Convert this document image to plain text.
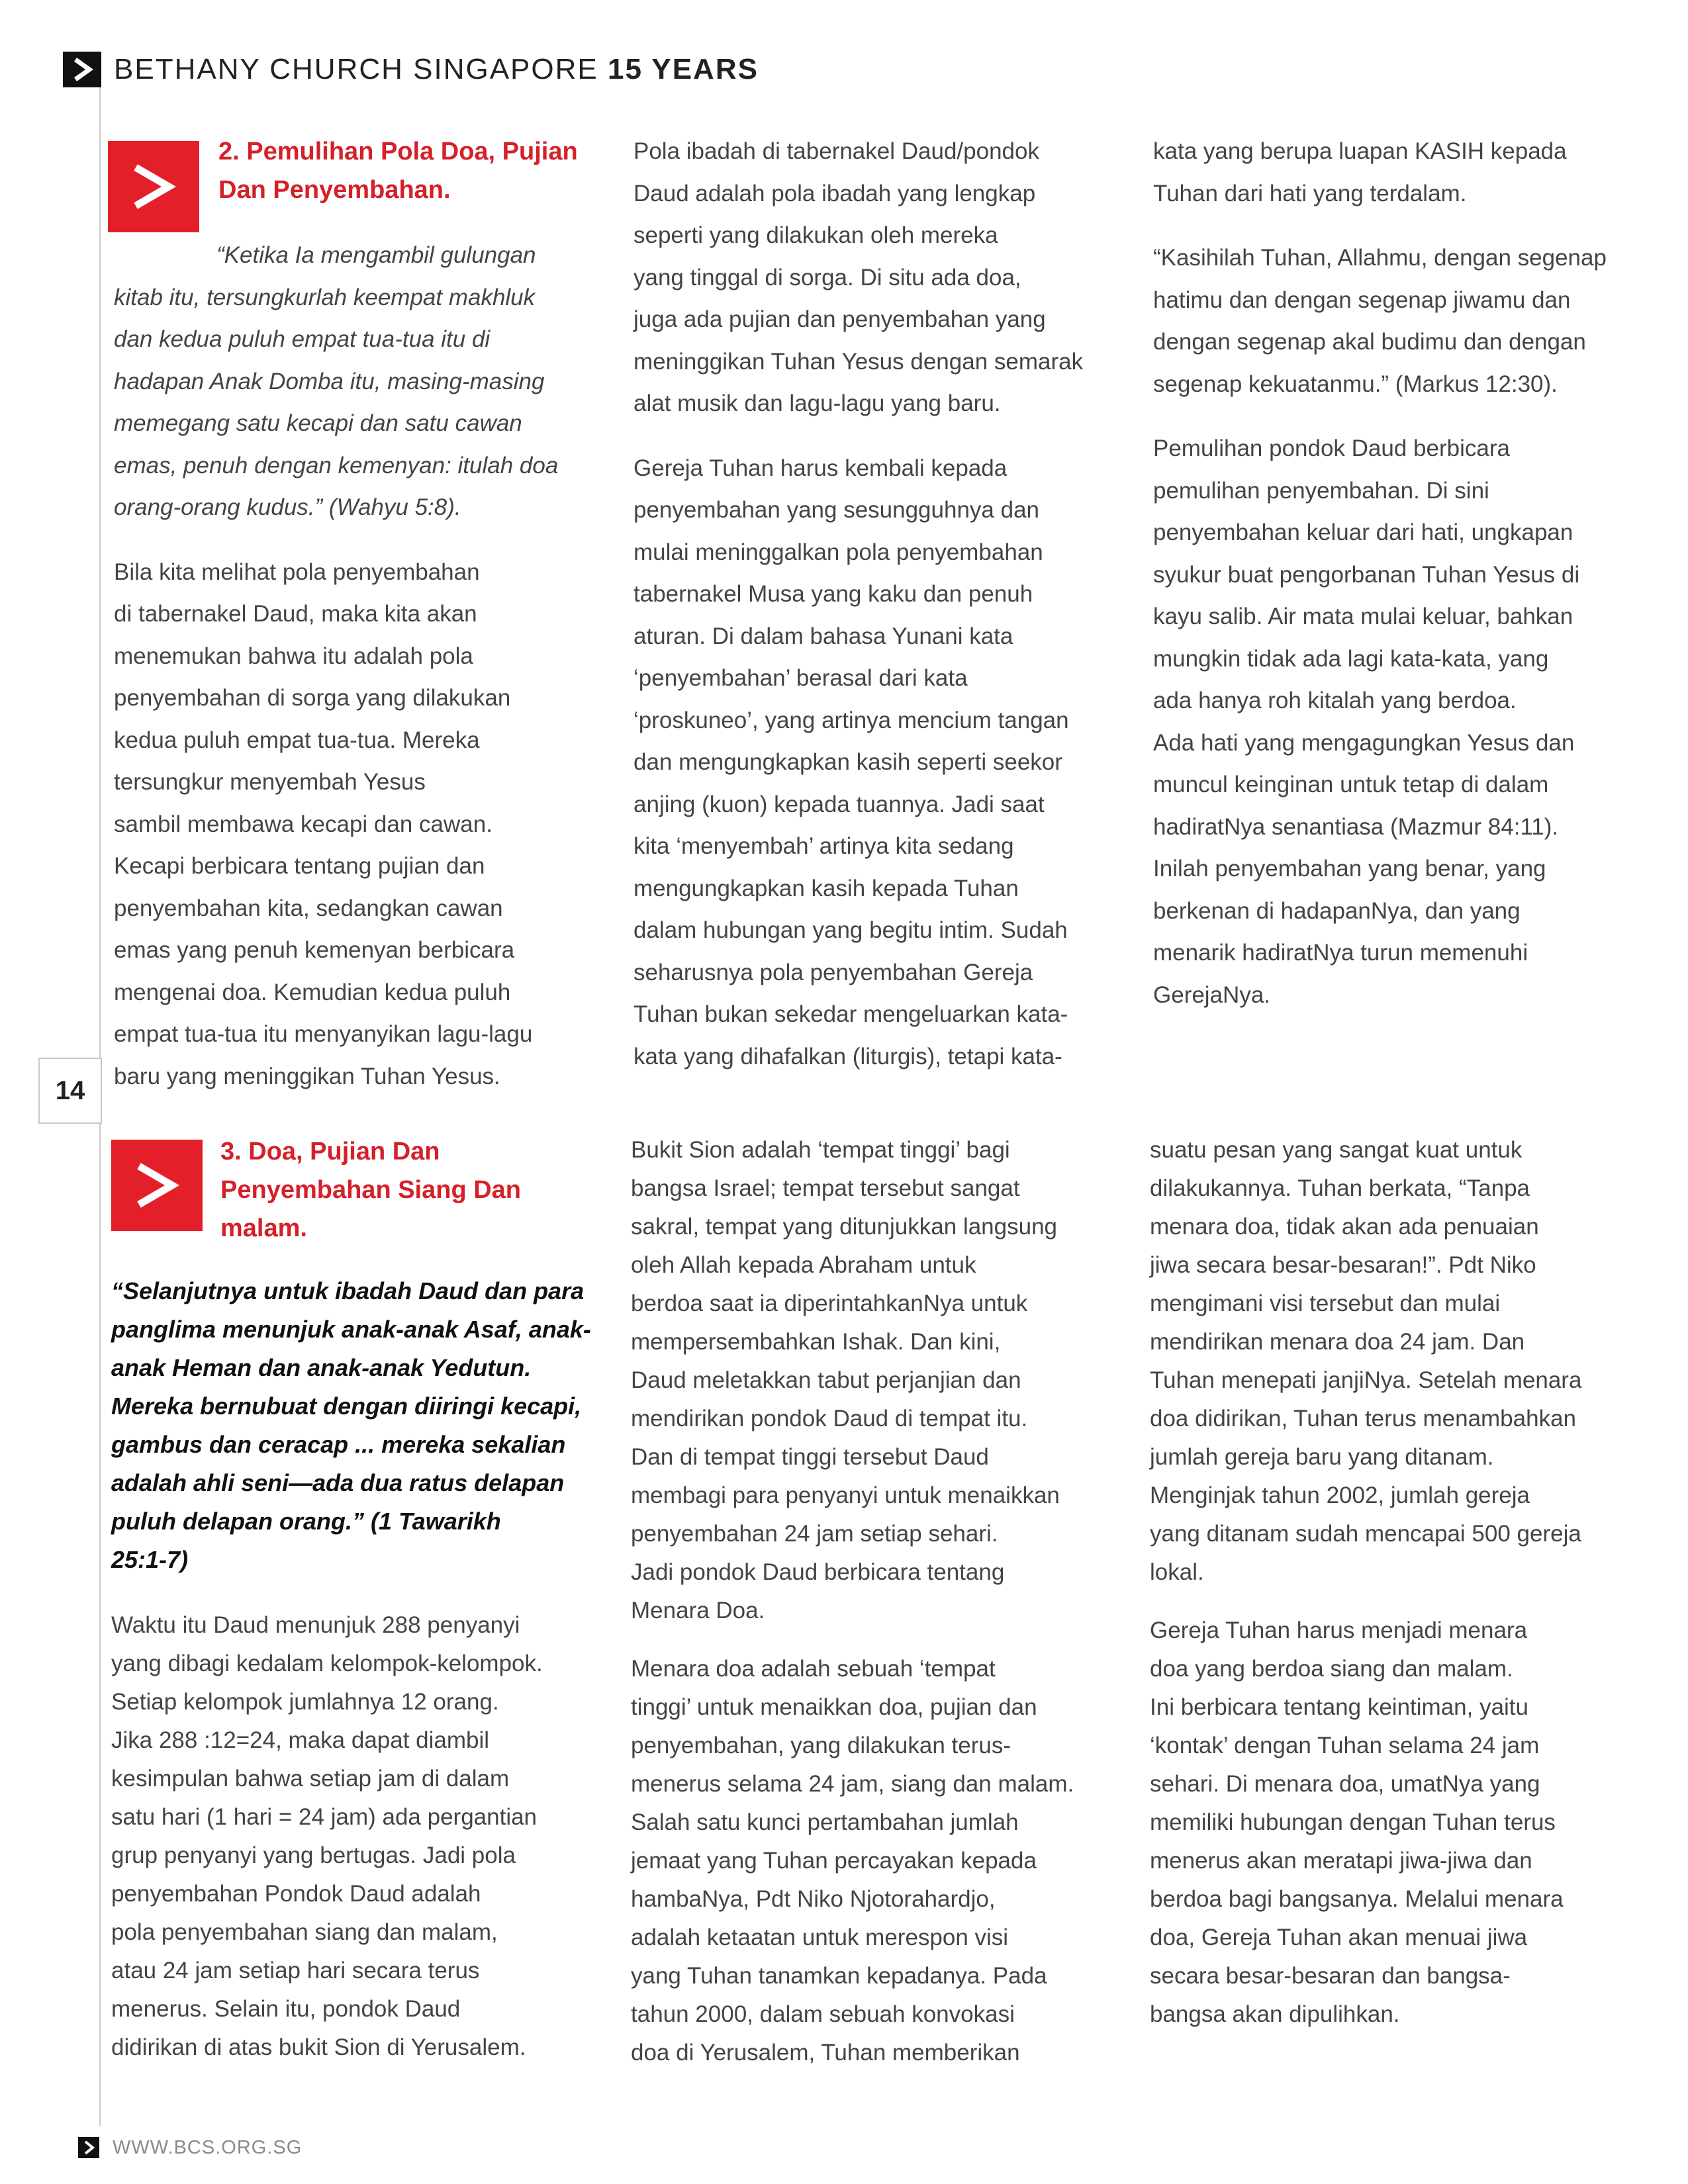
BETHANY CHURCH SINGAPORE 15 YEARS
14
2. Pemulihan Pola Doa, Pujian
Dan Penyembahan.

“Ketika Ia mengambil gulungan

kitab itu, tersungkurlah keempat makhluk

dan kedua puluh empat tua-tua itu di

hadapan Anak Domba itu, masing-masing

memegang satu kecapi dan satu cawan

emas, penuh dengan kemenyan: itulah doa

orang-orang kudus.” (Wahyu 5:8).

Bila kita melihat pola penyembahan

di tabernakel Daud, maka kita akan

menemukan bahwa itu adalah pola

penyembahan di sorga yang dilakukan

kedua puluh empat tua-tua. Mereka

tersungkur menyembah Yesus

sambil membawa kecapi dan cawan.

Kecapi berbicara tentang pujian dan

penyembahan kita, sedangkan cawan

emas yang penuh kemenyan berbicara

mengenai doa. Kemudian kedua puluh

empat tua-tua itu menyanyikan lagu-lagu

baru yang meninggikan Tuhan Yesus.

Pola ibadah di tabernakel Daud/pondok

Daud adalah pola ibadah yang lengkap

seperti yang dilakukan oleh mereka

yang tinggal di sorga. Di situ ada doa,

juga ada pujian dan penyembahan yang

meninggikan Tuhan Yesus dengan semarak

alat musik dan lagu-lagu yang baru.

Gereja Tuhan harus kembali kepada

penyembahan yang sesungguhnya dan

mulai meninggalkan pola penyembahan

tabernakel Musa yang kaku dan penuh

aturan. Di dalam bahasa Yunani kata

‘penyembahan’ berasal dari kata

‘proskuneo’, yang artinya mencium tangan

dan mengungkapkan kasih seperti seekor

anjing (kuon) kepada tuannya. Jadi saat

kita ‘menyembah’ artinya kita sedang

mengungkapkan kasih kepada Tuhan

dalam hubungan yang begitu intim. Sudah

seharusnya pola penyembahan Gereja

Tuhan bukan sekedar mengeluarkan kata-

kata yang dihafalkan (liturgis), tetapi kata-

kata yang berupa luapan KASIH kepada

Tuhan dari hati yang terdalam.

“Kasihilah Tuhan, Allahmu, dengan segenap

hatimu dan dengan segenap jiwamu dan

dengan segenap akal budimu dan dengan

segenap kekuatanmu.” (Markus 12:30).

Pemulihan pondok Daud berbicara

pemulihan penyembahan. Di sini

penyembahan keluar dari hati, ungkapan

syukur buat pengorbanan Tuhan Yesus di

kayu salib. Air mata mulai keluar, bahkan

mungkin tidak ada lagi kata-kata, yang

ada hanya roh kitalah yang berdoa.

Ada hati yang mengagungkan Yesus dan

muncul keinginan untuk tetap di dalam

hadiratNya senantiasa (Mazmur 84:11).

Inilah penyembahan yang benar, yang

berkenan di hadapanNya, dan yang

menarik hadiratNya turun memenuhi

GerejaNya.

3. Doa, Pujian Dan
Penyembahan Siang Dan
malam.
“Selanjutnya untuk ibadah Daud dan para
panglima menunjuk anak-anak Asaf, anak-
anak Heman dan anak-anak Yedutun.
Mereka bernubuat dengan diiringi kecapi,
gambus dan ceracap ... mereka sekalian
adalah ahli seni—ada dua ratus delapan
puluh delapan orang.” (1 Tawarikh
25:1-7)

Waktu itu Daud menunjuk 288 penyanyi

yang dibagi kedalam kelompok-kelompok.

Setiap kelompok jumlahnya 12 orang.

Jika 288 :12=24, maka dapat diambil

kesimpulan bahwa setiap jam di dalam

satu hari (1 hari = 24 jam) ada pergantian

grup penyanyi yang bertugas. Jadi pola

penyembahan Pondok Daud adalah

pola penyembahan siang dan malam,

atau 24 jam setiap hari secara terus

menerus. Selain itu, pondok Daud

didirikan di atas bukit Sion di Yerusalem.

Bukit Sion adalah ‘tempat tinggi’ bagi

bangsa Israel; tempat tersebut sangat

sakral, tempat yang ditunjukkan langsung

oleh Allah kepada Abraham untuk

berdoa saat ia diperintahkanNya untuk

mempersembahkan Ishak. Dan kini,

Daud meletakkan tabut perjanjian dan

mendirikan pondok Daud di tempat itu.

Dan di tempat tinggi tersebut Daud

membagi para penyanyi untuk menaikkan

penyembahan 24 jam setiap sehari.

Jadi pondok Daud berbicara tentang

Menara Doa.

Menara doa adalah sebuah ‘tempat

tinggi’ untuk menaikkan doa, pujian dan

penyembahan, yang dilakukan terus-

menerus selama 24 jam, siang dan malam.

Salah satu kunci pertambahan jumlah

jemaat yang Tuhan percayakan kepada

hambaNya, Pdt Niko Njotorahardjo,

adalah ketaatan untuk merespon visi

yang Tuhan tanamkan kepadanya. Pada

tahun 2000, dalam sebuah konvokasi

doa di Yerusalem, Tuhan memberikan

suatu pesan yang sangat kuat untuk

dilakukannya. Tuhan berkata, “Tanpa

menara doa, tidak akan ada penuaian

jiwa secara besar-besaran!”. Pdt Niko

mengimani visi tersebut dan mulai

mendirikan menara doa 24 jam. Dan

Tuhan menepati janjiNya. Setelah menara

doa didirikan, Tuhan terus menambahkan

jumlah gereja baru yang ditanam.

Menginjak tahun 2002, jumlah gereja

yang ditanam sudah mencapai 500 gereja

lokal.

Gereja Tuhan harus menjadi menara

doa yang berdoa siang dan malam.

Ini berbicara tentang keintiman, yaitu

‘kontak’ dengan Tuhan selama 24 jam

sehari. Di menara doa, umatNya yang

memiliki hubungan dengan Tuhan terus

menerus akan meratapi jiwa-jiwa dan

berdoa bagi bangsanya. Melalui menara

doa, Gereja Tuhan akan menuai jiwa

secara besar-besaran dan bangsa-

bangsa akan dipulihkan.

WWW.BCS.ORG.SG
